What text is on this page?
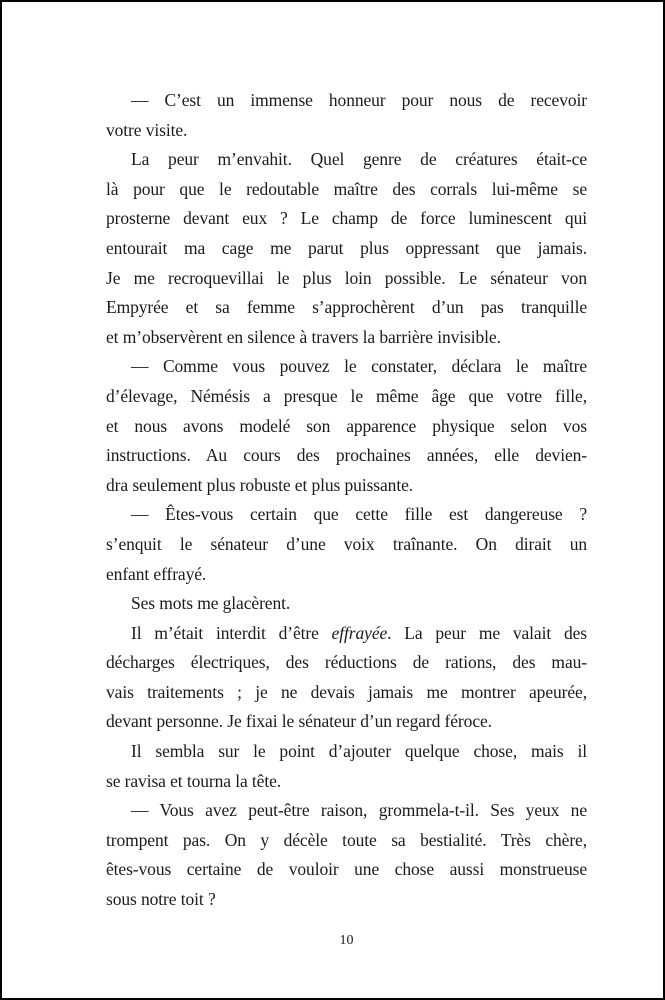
— C’est un immense honneur pour nous de recevoir
votre visite.
La peur m’envahit. Quel genre de créatures était-ce
là pour que le redoutable maître des corrals lui-même se
prosterne devant eux ? Le champ de force luminescent qui
entourait ma cage me parut plus oppressant que jamais.
Je me recroquevillai le plus loin possible. Le sénateur von
Empyrée et sa femme s’approchèrent d’un pas tranquille
et m’observèrent en silence à travers la barrière invisible.
— Comme vous pouvez le constater, déclara le maître
d’élevage, Némésis a presque le même âge que votre fille,
et nous avons modelé son apparence physique selon vos
instructions. Au cours des prochaines années, elle devien-
dra seulement plus robuste et plus puissante.
— Êtes-vous certain que cette fille est dangereuse ?
s’enquit le sénateur d’une voix traînante. On dirait un
enfant effrayé.
Ses mots me glacèrent.
Il m’était interdit d’être effrayée. La peur me valait des
décharges électriques, des réductions de rations, des mau-
vais traitements ; je ne devais jamais me montrer apeurée,
devant personne. Je fixai le sénateur d’un regard féroce.
Il sembla sur le point d’ajouter quelque chose, mais il
se ravisa et tourna la tête.
— Vous avez peut-être raison, grommela-t-il. Ses yeux ne
trompent pas. On y décèle toute sa bestialité. Très chère,
êtes-vous certaine de vouloir une chose aussi monstrueuse
sous notre toit ?
10
